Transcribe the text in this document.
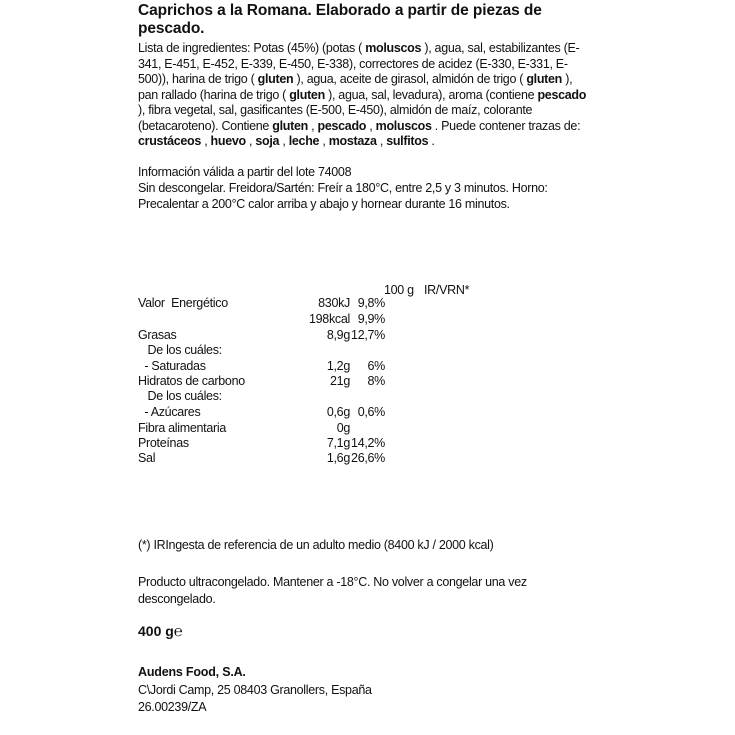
Caprichos a la Romana. Elaborado a partir de piezas de pescado.
Lista de ingredientes: Potas (45%) (potas ( moluscos ), agua, sal, estabilizantes (E-341, E-451, E-452, E-339, E-450, E-338), correctores de acidez (E-330, E-331, E-500)), harina de trigo ( gluten ), agua, aceite de girasol, almidón de trigo ( gluten ), pan rallado (harina de trigo ( gluten ), agua, sal, levadura), aroma (contiene pescado ), fibra vegetal, sal, gasificantes (E-500, E-450), almidón de maíz, colorante (betacaroteno). Contiene gluten , pescado , moluscos . Puede contener trazas de: crustáceos , huevo , soja , leche , mostaza , sulfitos .
Información válida a partir del lote 74008
Sin descongelar. Freidora/Sartén: Freír a 180°C, entre 2,5 y 3 minutos. Horno: Precalentar a 200°C calor arriba y abajo y hornear durante 16 minutos.
100 g IR/VRN*
Valor  Energético	830kJ 9,8%
198kcal 9,9%
Grasas	8,9g 12,7%
De los cuáles:
- Saturadas	1,2g 6%
Hidratos de carbono	21g 8%
De los cuáles:
- Azúcares	0,6g 0,6%
Fibra alimentaria	0g
Proteínas	7,1g 14,2%
Sal	1,6g 26,6%
(*) IRIngesta de referencia de un adulto medio (8400 kJ / 2000 kcal)
Producto ultracongelado. Mantener a -18°C. No volver a congelar una vez descongelado.
400 g℮
Audens Food, S.A.
C\Jordi Camp, 25 08403 Granollers, España
26.00239/ZA
